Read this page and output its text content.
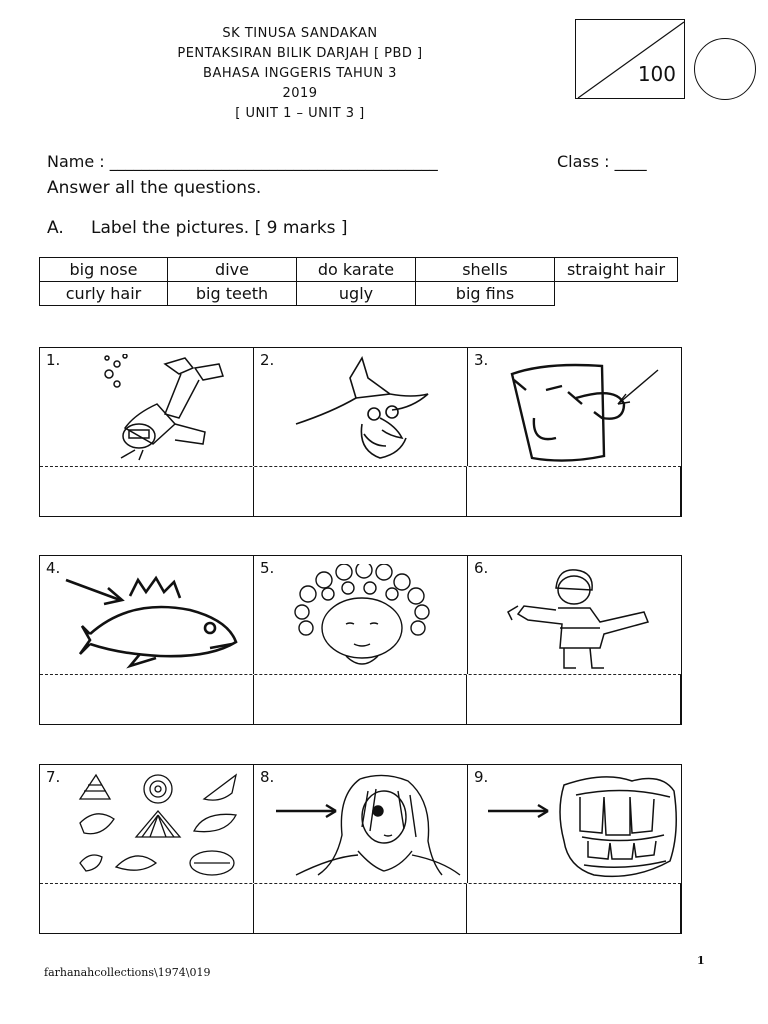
SK TINUSA SANDAKAN
PENTAKSIRAN BILIK DARJAH [ PBD ]
BAHASA INGGERIS TAHUN 3
2019
[ UNIT 1 – UNIT 3 ]
100
Name : _________________________________________	Class : ____
Answer all the questions.
A. Label the pictures. [ 9 marks ]
big nose	dive	do karate	shells	straight hair
curly hair	big teeth	ugly	big fins	
1.	2.	3.
4.	5.	6.
7.	8.	9.
1
farhanahcollections\1974\019
